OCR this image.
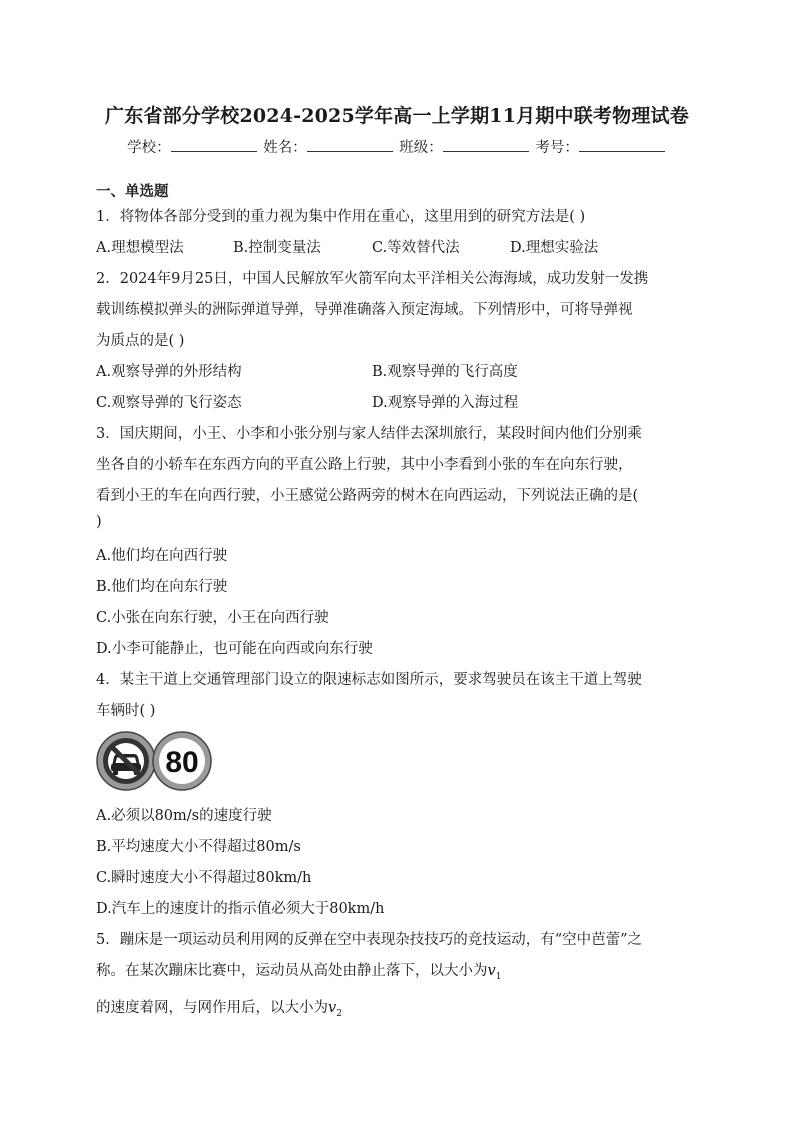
广东省部分学校2024-2025学年高一上学期11月期中联考物理试卷
学校：	姓名：	班级：	考号：
一、单选题
1．将物体各部分受到的重力视为集中作用在重心，这里用到的研究方法是( )
A.理想模型法	B.控制变量法	C.等效替代法	D.理想实验法
2．2024年9月25日，中国人民解放军火箭军向太平洋相关公海海域，成功发射一发携
载训练模拟弹头的洲际弹道导弹，导弹准确落入预定海域。下列情形中，可将导弹视
为质点的是( )
A.观察导弹的外形结构	B.观察导弹的飞行高度
C.观察导弹的飞行姿态	D.观察导弹的入海过程
3．国庆期间，小王、小李和小张分别与家人结伴去深圳旅行，某段时间内他们分别乘
坐各自的小轿车在东西方向的平直公路上行驶，其中小李看到小张的车在向东行驶，
看到小王的车在向西行驶，小王感觉公路两旁的树木在向西运动，下列说法正确的是(
)
A.他们均在向西行驶
B.他们均在向东行驶
C.小张在向东行驶，小王在向西行驶
D.小李可能静止，也可能在向西或向东行驶
4．某主干道上交通管理部门设立的限速标志如图所示，要求驾驶员在该主干道上驾驶
车辆时( )
80
A.必须以80m/s的速度行驶
B.平均速度大小不得超过80m/s
C.瞬时速度大小不得超过80km/h
D.汽车上的速度计的指示值必须大于80km/h
5．蹦床是一项运动员利用网的反弹在空中表现杂技技巧的竞技运动，有“空中芭蕾”之
称。在某次蹦床比赛中，运动员从高处由静止落下，以大小为$v_1$
的速度着网，与网作用后，以大小为$v_2$
